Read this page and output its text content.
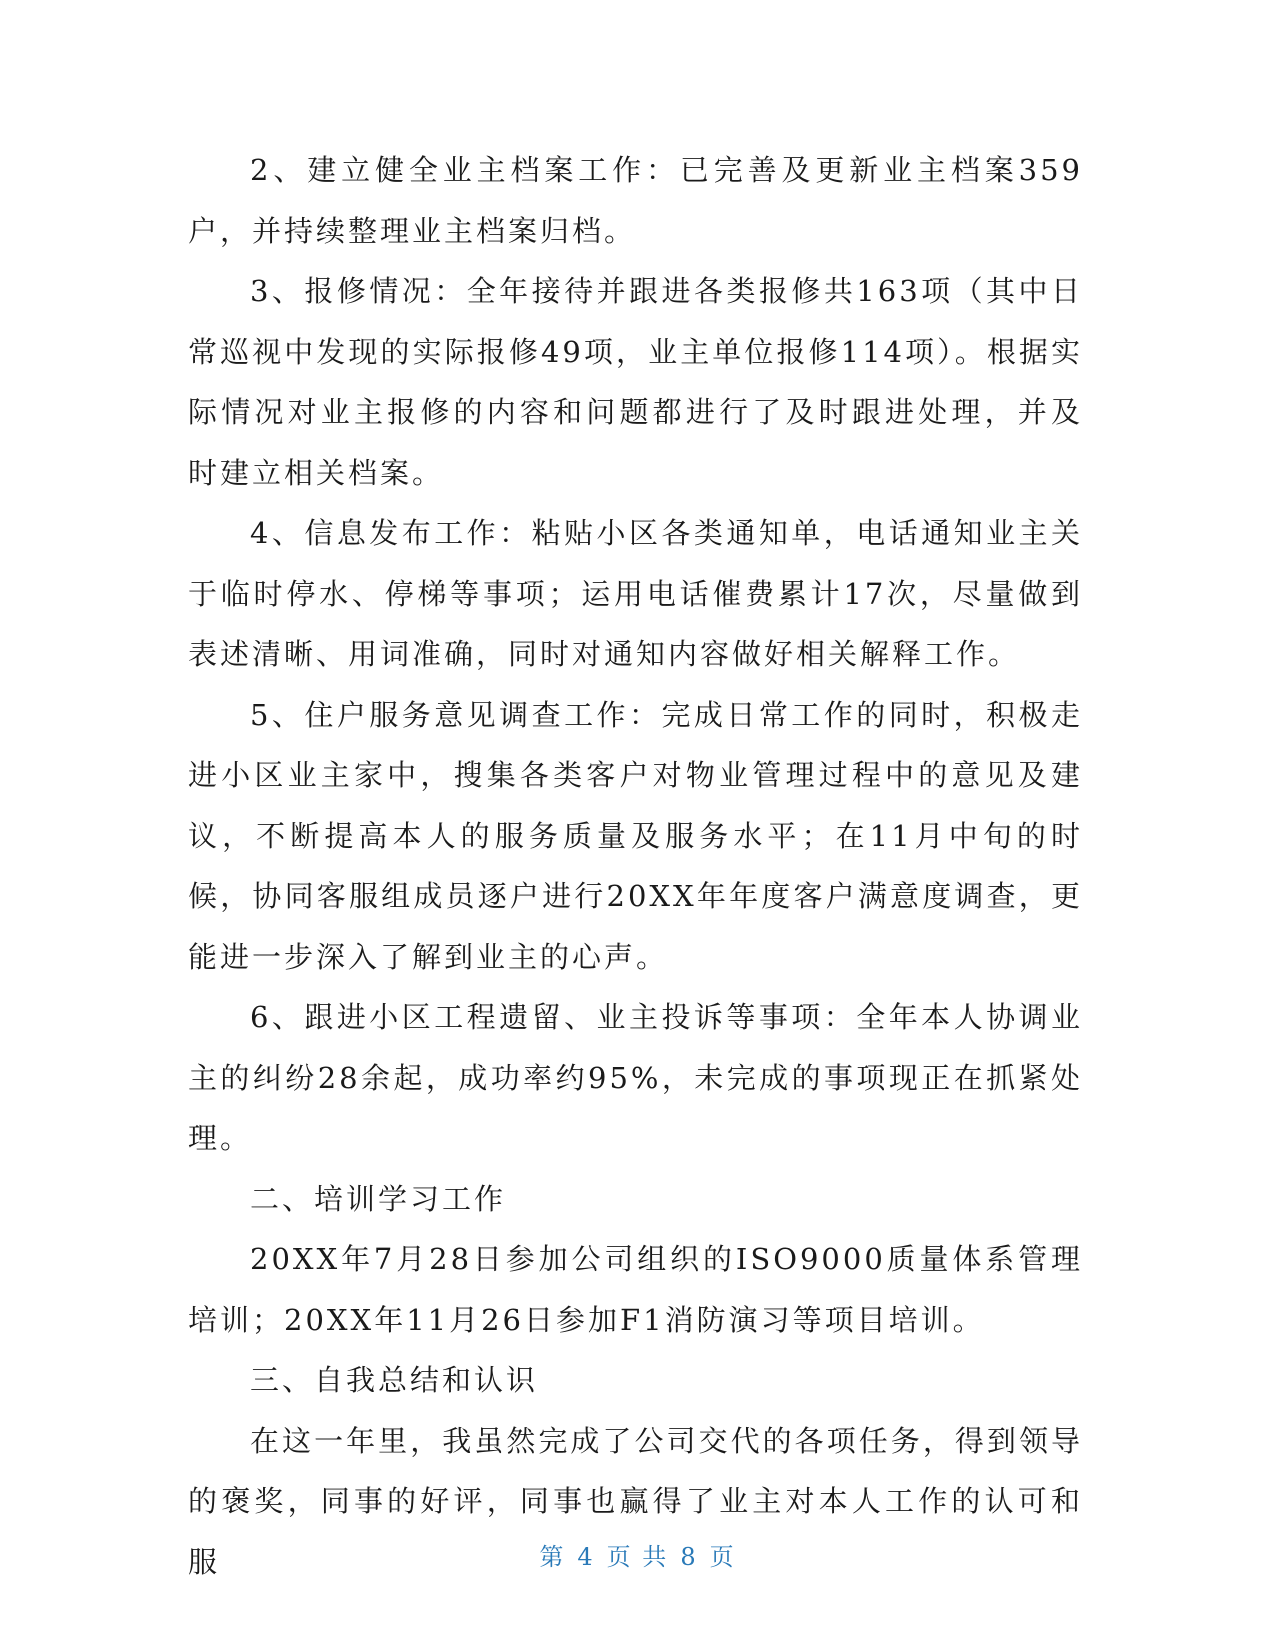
2、建立健全业主档案工作：已完善及更新业主档案359户，并持续整理业主档案归档。

3、报修情况：全年接待并跟进各类报修共163项（其中日常巡视中发现的实际报修49项，业主单位报修114项）。根据实际情况对业主报修的内容和问题都进行了及时跟进处理，并及时建立相关档案。

4、信息发布工作：粘贴小区各类通知单，电话通知业主关于临时停水、停梯等事项；运用电话催费累计17次，尽量做到表述清晰、用词准确，同时对通知内容做好相关解释工作。

5、住户服务意见调查工作：完成日常工作的同时，积极走进小区业主家中，搜集各类客户对物业管理过程中的意见及建议，不断提高本人的服务质量及服务水平；在11月中旬的时候，协同客服组成员逐户进行20XX年年度客户满意度调查，更能进一步深入了解到业主的心声。

6、跟进小区工程遗留、业主投诉等事项：全年本人协调业主的纠纷28余起，成功率约95%，未完成的事项现正在抓紧处理。

二、培训学习工作

20XX年7月28日参加公司组织的ISO9000质量体系管理培训；20XX年11月26日参加F1消防演习等项目培训。

三、自我总结和认识

在这一年里，我虽然完成了公司交代的各项任务，得到领导的褒奖，同事的好评，同事也赢得了业主对本人工作的认可和服	第 4 页 共 8 页
